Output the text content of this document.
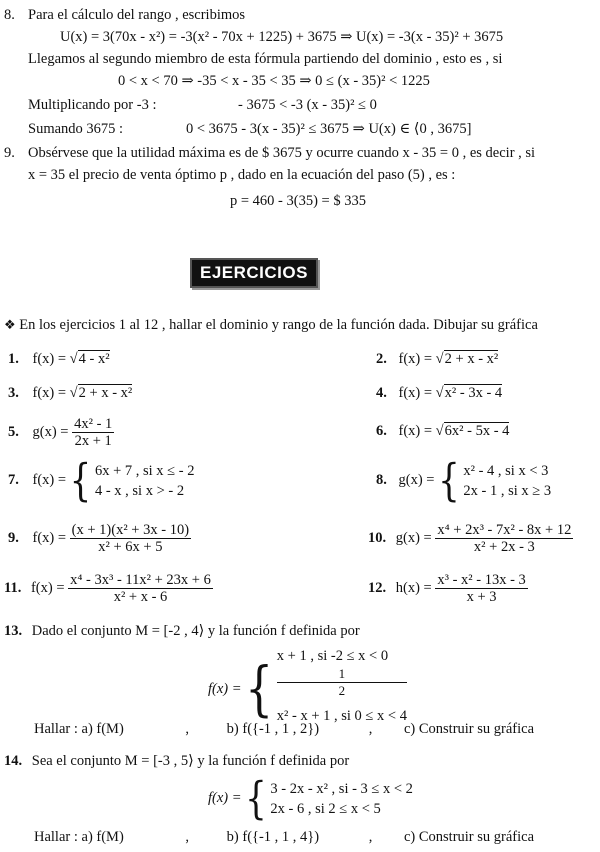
8. Para el cálculo del rango , escribimos
U(x) = 3(70x - x²) = -3(x² - 70x + 1225) + 3675 ⇒ U(x) = -3(x - 35)² + 3675
Llegamos al segundo miembro de esta fórmula partiendo del dominio , esto es , si
0 < x < 70 ⇒ -35 < x - 35 < 35 ⇒ 0 ≤ (x - 35)² < 1225
Multiplicando por -3 :	- 3675 < -3 (x - 35)² ≤ 0
Sumando 3675 :	0 < 3675 - 3(x - 35)² ≤ 3675 ⇒ U(x) ∈ ⟨0 , 3675]
9. Obsérvese que la utilidad máxima es de $ 3675 y ocurre cuando x - 35 = 0 , es decir , si
x = 35 el precio de venta óptimo p , dado en la ecuación del paso (5) , es :
p = 460 - 3(35) = $ 335
EJERCICIOS
❖ En los ejercicios 1 al 12 , hallar el dominio y rango de la función dada. Dibujar su gráfica
1. f(x) = √4 - x²	2. f(x) = √2 + x - x²
3. f(x) = √2 + x - x²	4. f(x) = √x² - 3x - 4
5. $g(x) = \frac{\text{4x² - 1}}{2x + 1}$	6. f(x) = √6x² - 5x - 4
7. f(x) = { 6x + 7 , si x ≤ - 2
4 - x , si x > - 2
8. g(x) = { x² - 4 , si x < 3
2x - 1 , si x ≥ 3
9. $f(x) = \frac{\text{(x + 1)(x² + 3x - 10)}}{\text{x² + 6x + 5}}$	10. $g(x) = \frac{\text{x⁴ + 2x³ - 7x² - 8x + 12}}{\text{x² + 2x - 3}}$
11. $f(x) = \frac{\text{x⁴ - 3x³ - 11x² + 23x + 6}}{\text{x² + x - 6}}$	12. $h(x) = \frac{\text{x³ - x² - 13x - 3}}{x + 3}$
13. Dado el conjunto M = [-2 , 4⟩ y la función f definida por
f(x) = { x + 1 , si -2 ≤ x < 0
1
2
x² - x + 1 , si 0 ≤ x < 4
Hallar : a) f(M)	,	b) f({-1 , 1 , 2})	, c) Construir su gráfica
14. Sea el conjunto M = [-3 , 5⟩ y la función f definida por
f(x) = { 3 - 2x - x² , si - 3 ≤ x < 2
2x - 6 , si 2 ≤ x < 5
Hallar : a) f(M)	,	b) f({-1 , 1 , 4})	, c) Construir su gráfica
